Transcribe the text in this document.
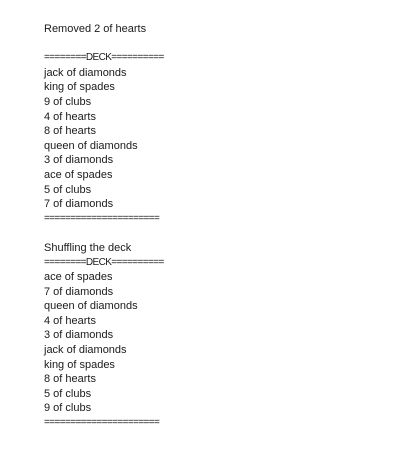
Removed 2 of hearts
========DECK==========
jack of diamonds
king of spades
9 of clubs
4 of hearts
8 of hearts
queen of diamonds
3 of diamonds
ace of spades
5 of clubs
7 of diamonds
======================
Shuffling the deck
========DECK==========
ace of spades
7 of diamonds
queen of diamonds
4 of hearts
3 of diamonds
jack of diamonds
king of spades
8 of hearts
5 of clubs
9 of clubs
======================
